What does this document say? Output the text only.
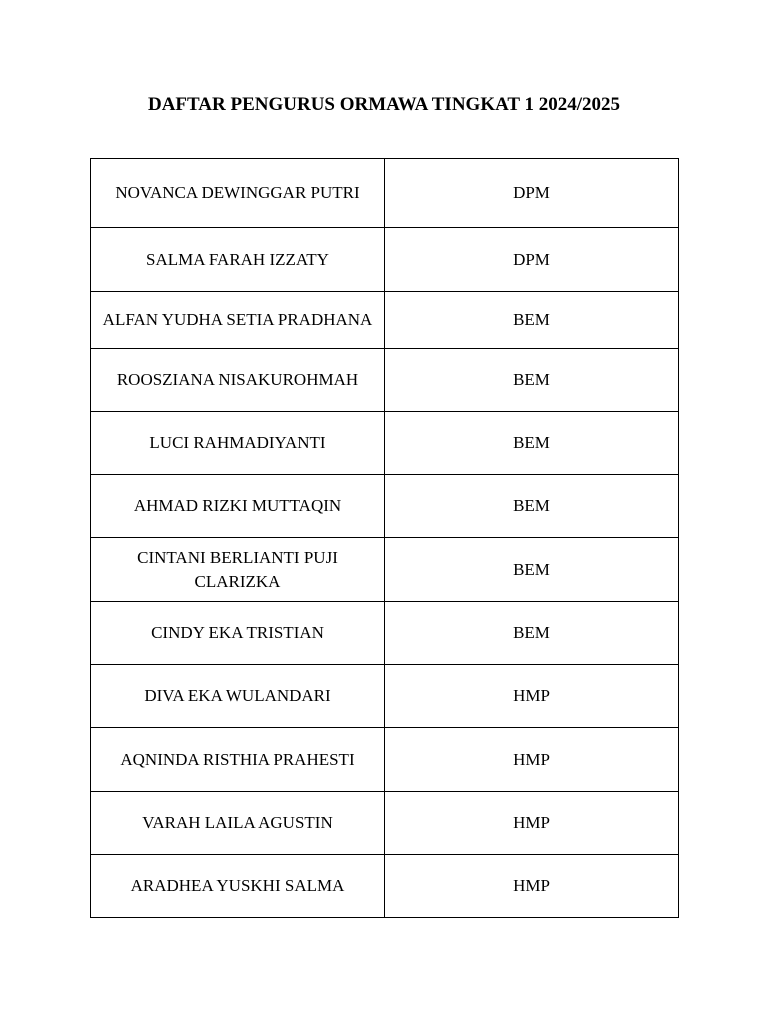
DAFTAR PENGURUS ORMAWA TINGKAT 1 2024/2025
NOVANCA DEWINGGAR PUTRI	DPM
SALMA FARAH IZZATY	DPM
ALFAN YUDHA SETIA PRADHANA	BEM
ROOSZIANA NISAKUROHMAH	BEM
LUCI RAHMADIYANTI	BEM
AHMAD RIZKI MUTTAQIN	BEM
CINTANI BERLIANTI PUJI CLARIZKA	BEM
CINDY EKA TRISTIAN	BEM
DIVA EKA WULANDARI	HMP
AQNINDA RISTHIA PRAHESTI	HMP
VARAH LAILA AGUSTIN	HMP
ARADHEA YUSKHI SALMA	HMP
